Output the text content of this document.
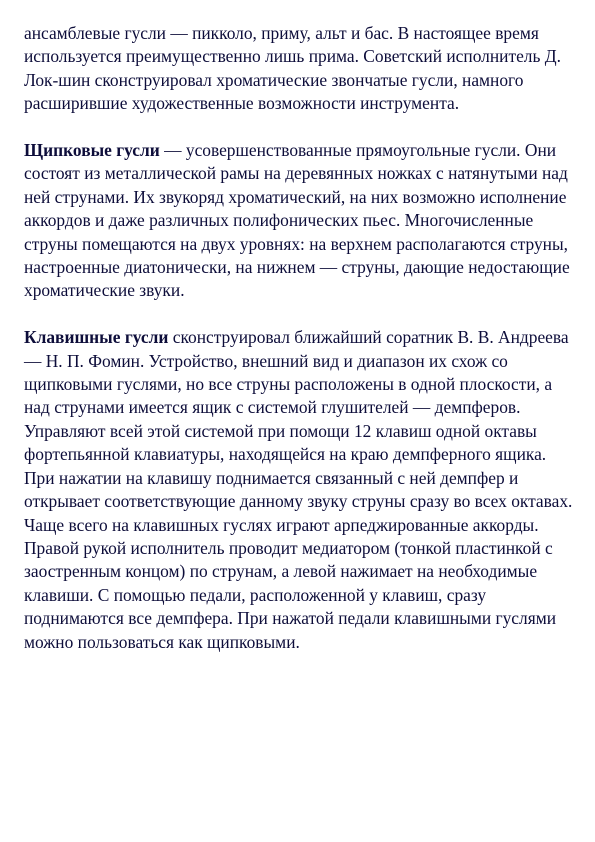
ансамблевые гусли — пикколо, приму, альт и бас. В настоящее время используется преимущественно лишь прима. Советский исполнитель Д. Лок-шин сконструировал хроматические звончатые гусли, намного расширившие художественные возможности инструмента.

Щипковые гусли — усовершенствованные прямоугольные гусли. Они состоят из металлической рамы на деревянных ножках с натянутыми над ней струнами. Их звукоряд хроматический, на них возможно исполнение аккордов и даже различных полифонических пьес. Многочисленные струны помещаются на двух уровнях: на верхнем располагаются струны, настроенные диатонически, на нижнем — струны, дающие недостающие хроматические звуки.

Клавишные гусли сконструировал ближайший соратник В. В. Андреева — Н. П. Фомин. Устройство, внешний вид и диапазон их схож со щипковыми гуслями, но все струны расположены в одной плоскости, а над струнами имеется ящик с системой глушителей — демпферов. Управляют всей этой системой при помощи 12 клавиш одной октавы фортепьянной клавиатуры, находящейся на краю демпферного ящика. При нажатии на клавишу поднимается связанный с ней демпфер и открывает соответствующие данному звуку струны сразу во всех октавах. Чаще всего на клавишных гуслях играют арпеджированные аккорды. Правой рукой исполнитель проводит медиатором (тонкой пластинкой с заостренным концом) по струнам, а левой нажимает на необходимые клавиши. С помощью педали, расположенной у клавиш, сразу поднимаются все демпфера. При нажатой педали клавишными гуслями можно пользоваться как щипковыми.
